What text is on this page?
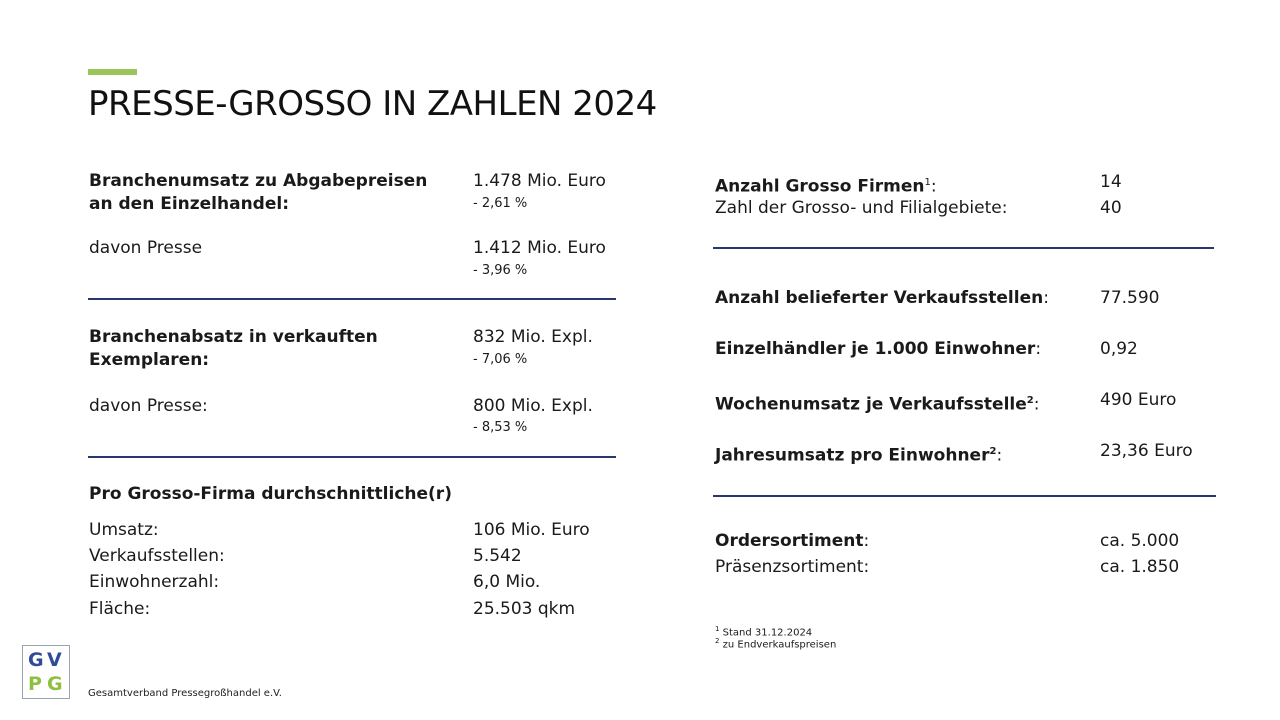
PRESSE-GROSSO IN ZAHLEN 2024
Branchenumsatz zu Abgabepreisen
an den Einzelhandel:
1.478 Mio. Euro
- 2,61 %
davon Presse	1.412 Mio. Euro
- 3,96 %
Branchenabsatz in verkauften
Exemplaren:
832 Mio. Expl.
- 7,06 %
davon Presse:	800 Mio. Expl.
- 8,53 %
Pro Grosso-Firma durchschnittliche(r)
Umsatz:	106 Mio. Euro
Verkaufsstellen:	5.542
Einwohnerzahl:	6,0 Mio.
Fläche:	25.503 qkm
Anzahl Grosso Firmen$^1$:	14
Zahl der Grosso- und Filialgebiete:	40
Anzahl belieferter Verkaufsstellen:	77.590
Einzelhändler je 1.000 Einwohner:	0,92
Wochenumsatz je Verkaufsstelle$^2$:	490 Euro
Jahresumsatz pro Einwohner$^2$:	23,36 Euro
Ordersortiment:	ca. 5.000
Präsenzsortiment:	ca. 1.850
$^1$ Stand 31.12.2024
$^2$ zu Endverkaufspreisen
G V
P G	Gesamtverband Pressegroßhandel e.V.
